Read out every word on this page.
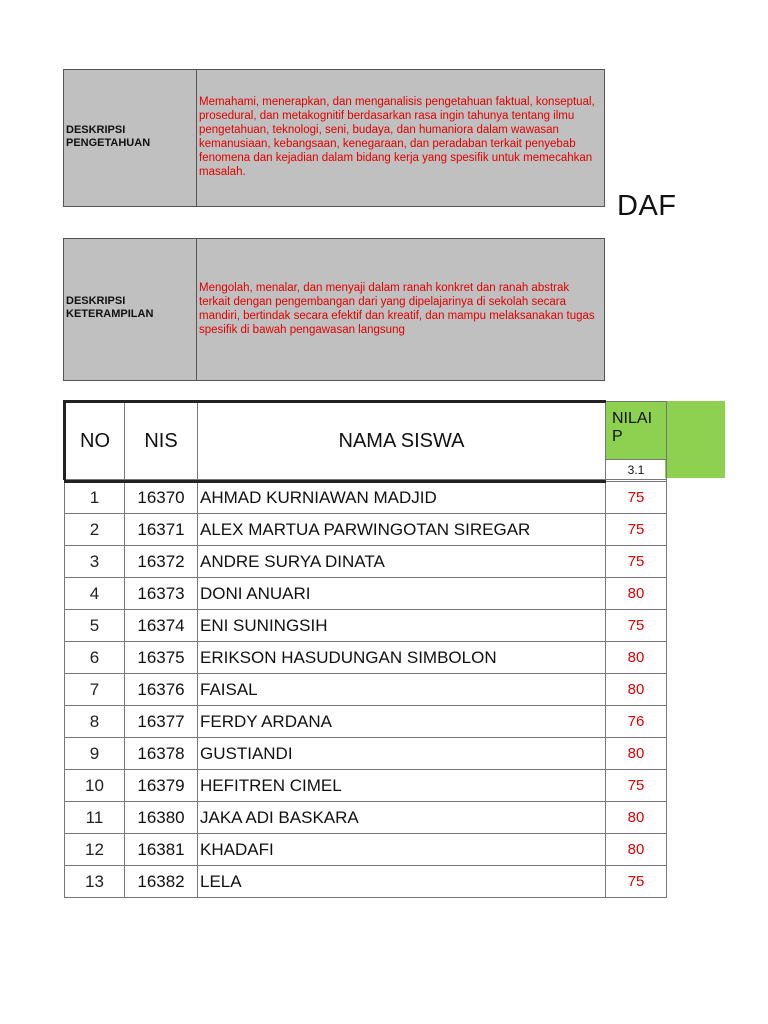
DESKRIPSI PENGETAHUAN
Memahami, menerapkan, dan menganalisis pengetahuan faktual, konseptual, prosedural, dan metakognitif berdasarkan rasa ingin tahunya tentang ilmu pengetahuan, teknologi, seni, budaya, dan humaniora dalam wawasan kemanusiaan, kebangsaan, kenegaraan, dan peradaban terkait penyebab fenomena dan kejadian dalam bidang kerja yang spesifik untuk memecahkan masalah.
DAF
DESKRIPSI KETERAMPILAN
Mengolah, menalar, dan menyaji dalam ranah konkret dan ranah abstrak terkait dengan pengembangan dari yang dipelajarinya di sekolah secara mandiri, bertindak secara efektif dan kreatif, dan mampu melaksanakan tugas spesifik di bawah pengawasan langsung
NO	NIS	NAMA SISWA	NILAI P
			3.1

1	16370	AHMAD KURNIAWAN MADJID	75
2	16371	ALEX MARTUA PARWINGOTAN SIREGAR	75
3	16372	ANDRE SURYA DINATA	75
4	16373	DONI ANUARI	80
5	16374	ENI SUNINGSIH	75
6	16375	ERIKSON HASUDUNGAN SIMBOLON	80
7	16376	FAISAL	80
8	16377	FERDY ARDANA	76
9	16378	GUSTIANDI	80
10	16379	HEFITREN CIMEL	75
11	16380	JAKA ADI BASKARA	80
12	16381	KHADAFI	80
13	16382	LELA	75
